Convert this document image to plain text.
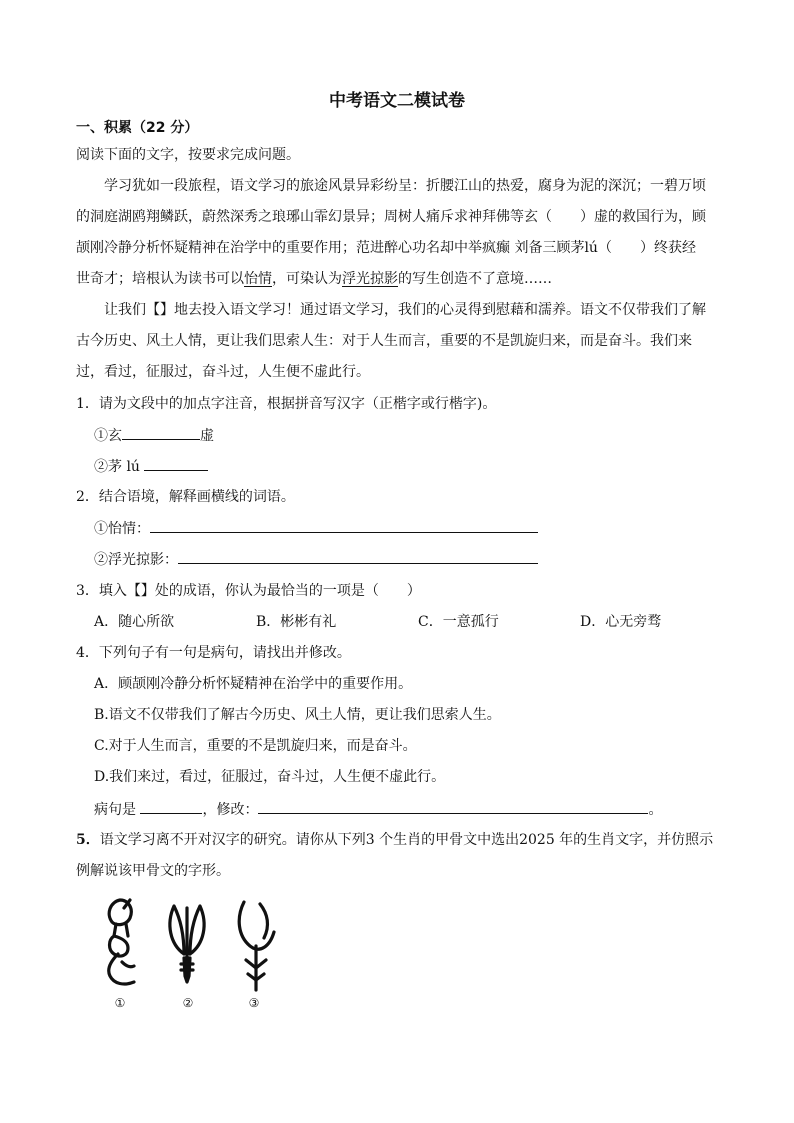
中考语文二模试卷
一、积累（22 分）
阅读下面的文字，按要求完成问题。
学习犹如一段旅程，语文学习的旅途风景异彩纷呈：折腰江山的热爱，腐身为泥的深沉；一碧万顷
的洞庭湖鸥翔鳞跃，蔚然深秀之琅琊山霏幻景异；周树人痛斥求神拜佛等玄（　　）虚的救国行为，顾
颉刚冷静分析怀疑精神在治学中的重要作用；范进醉心功名却中举疯癫 刘备三顾茅lú（　　）终获经
世奇才；培根认为读书可以怡情，可染认为浮光掠影的写生创造不了意境……
让我们【】地去投入语文学习！通过语文学习，我们的心灵得到慰藉和濡养。语文不仅带我们了解
古今历史、风土人情，更让我们思索人生：对于人生而言，重要的不是凯旋归来，而是奋斗。我们来
过，看过，征服过，奋斗过，人生便不虚此行。
1．请为文段中的加点字注音，根据拼音写汉字（正楷字或行楷字)。
①玄	虚
②茅 lú
2．结合语境，解释画横线的词语。
①怡情：
②浮光掠影：
3．填入【】处的成语，你认为最恰当的一项是（　　）
A．随心所欲	B．彬彬有礼	C．一意孤行	D．心无旁骛
4．下列句子有一句是病句，请找出并修改。
A．顾颉刚冷静分析怀疑精神在治学中的重要作用。
B.语文不仅带我们了解古今历史、风土人情，更让我们思索人生。
C.对于人生而言，重要的不是凯旋归来，而是奋斗。
D.我们来过，看过，征服过，奋斗过，人生便不虚此行。
病句是	，修改：	。
5．语文学习离不开对汉字的研究。请你从下列3 个生肖的甲骨文中选出2025 年的生肖文字，并仿照示
例解说该甲骨文的字形。
①	②	③
